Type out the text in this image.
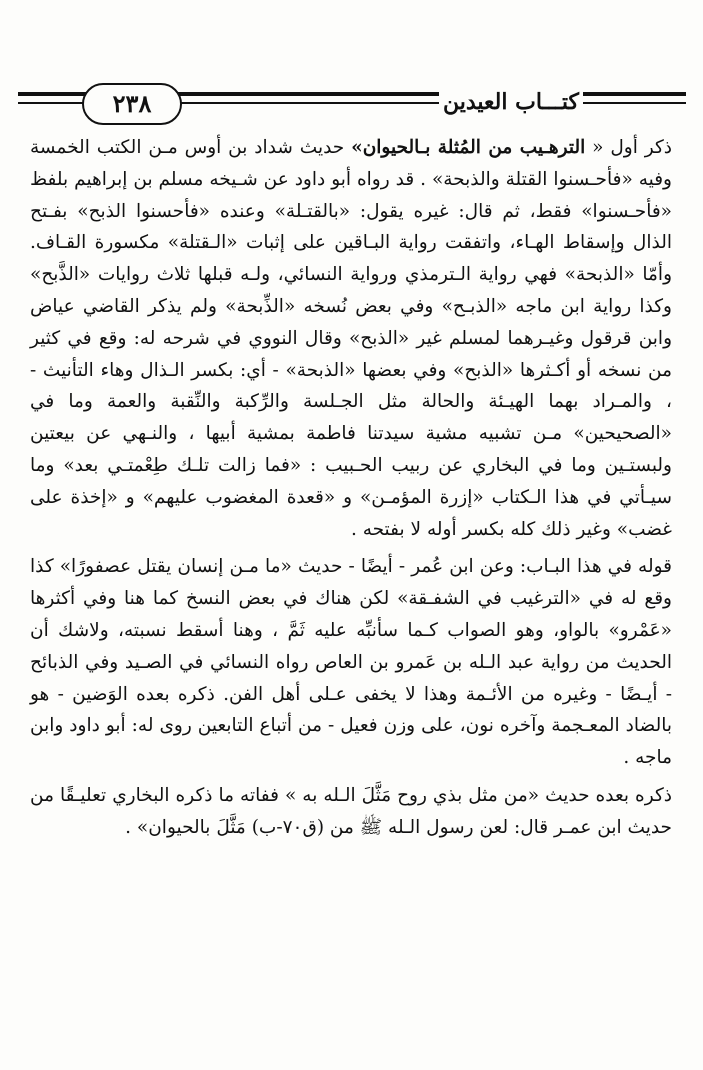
٢٣٨	كتـــاب العيدين

ذكر أول « الترهـيب من المُثلة بـالحيوان» حديث شداد بن أوس مـن الكتب الخمسة وفيه «فأحـسنوا القتلة والذبحة» . قد رواه أبو داود عن شـيخه مسلم بن إبراهيم بلفظ «فأحـسنوا» فقط، ثم قال: غيره يقول: «بالقتـلة» وعنده «فأحسنوا الذبح» بفـتح الذال وإسقاط الهـاء، واتفقت رواية البـاقين على إثبات «الـقتلة» مكسورة القـاف. وأمّا «الذبحة» فهي رواية الـترمذي ورواية النسائي، ولـه قبلها ثلاث روايات «الذَّبح» وكذا رواية ابن ماجه «الذبـح» وفي بعض نُسخه «الذِّبحة» ولم يذكر القاضي عياض وابن قرقول وغيـرهما لمسلم غير «الذبح» وقال النووي في شرحه له: وقع في كثير من نسخه أو أكـثرها «الذبح» وفي بعضها «الذبحة» - أي: بكسر الـذال وهاء التأنيث - ، والمـراد بهما الهيـئة والحالة مثل الجـلسة والرِّكبة والنِّقبة والعمة وما في «الصحيحين» مـن تشبيه مشية سيدتنا فاطمة بمشية أبيها ، والنـهي عن بيعتين ولبستـين وما في البخاري عن ربيب الحـبيب : «فما زالت تلـك طِعْمتـي بعد» وما سيـأتي في هذا الـكتاب «إزرة المؤمـن» و «قعدة المغضوب عليهم» و «إخذة على غضب» وغير ذلك كله بكسر أوله لا بفتحه .

قوله في هذا البـاب: وعن ابن عُمر - أيضًا - حديث «ما مـن إنسان يقتل عصفورًا» كذا وقع له في «الترغيب في الشفـقة» لكن هناك في بعض النسخ كما هنا وفي أكثرها «عَمْرو» بالواو، وهو الصواب كـما سأنبِّه عليه ثَمَّ ، وهنا أسقط نسبته، ولاشك أن الحديث من رواية عبد الـله بن عَمرو بن العاص رواه النسائي في الصـيد وفي الذبائح - أيـضًا - وغيره من الأئـمة وهذا لا يخفى عـلى أهل الفن. ذكره بعده الوَضين - هو بالضاد المعـجمة وآخره نون، على وزن فعيل - من أتباع التابعين روى له: أبو داود وابن ماجه .

ذكره بعده حديث «من مثل بذي روح مَثَّلَ الـله به » ففاته ما ذكره البخاري تعليـقًا من حديث ابن عمـر قال: لعن رسول الـله ﷺ من (ق٧٠-ب) مَثَّلَ بالحيوان» .
